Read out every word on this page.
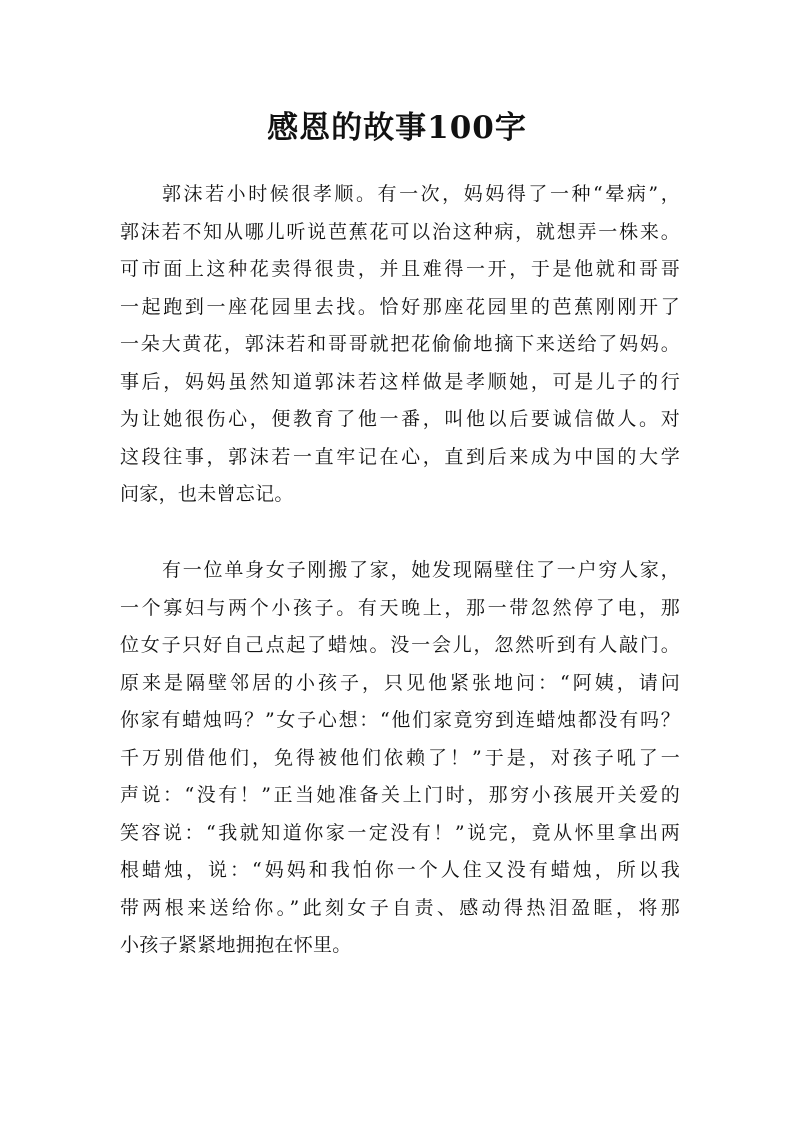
感恩的故事100字
郭沫若小时候很孝顺。有一次，妈妈得了一种“晕病”，
郭沫若不知从哪儿听说芭蕉花可以治这种病，就想弄一株来。
可市面上这种花卖得很贵，并且难得一开，于是他就和哥哥
一起跑到一座花园里去找。恰好那座花园里的芭蕉刚刚开了
一朵大黄花，郭沫若和哥哥就把花偷偷地摘下来送给了妈妈。
事后，妈妈虽然知道郭沫若这样做是孝顺她，可是儿子的行
为让她很伤心，便教育了他一番，叫他以后要诚信做人。对
这段往事，郭沫若一直牢记在心，直到后来成为中国的大学
问家，也未曾忘记。
有一位单身女子刚搬了家，她发现隔壁住了一户穷人家，
一个寡妇与两个小孩子。有天晚上，那一带忽然停了电，那
位女子只好自己点起了蜡烛。没一会儿，忽然听到有人敲门。
原来是隔壁邻居的小孩子，只见他紧张地问：“阿姨，请问
你家有蜡烛吗？”女子心想：“他们家竟穷到连蜡烛都没有吗？
千万别借他们，免得被他们依赖了！”于是，对孩子吼了一
声说：“没有！”正当她准备关上门时，那穷小孩展开关爱的
笑容说：“我就知道你家一定没有！”说完，竟从怀里拿出两
根蜡烛，说：“妈妈和我怕你一个人住又没有蜡烛，所以我
带两根来送给你。”此刻女子自责、感动得热泪盈眶，将那
小孩子紧紧地拥抱在怀里。
